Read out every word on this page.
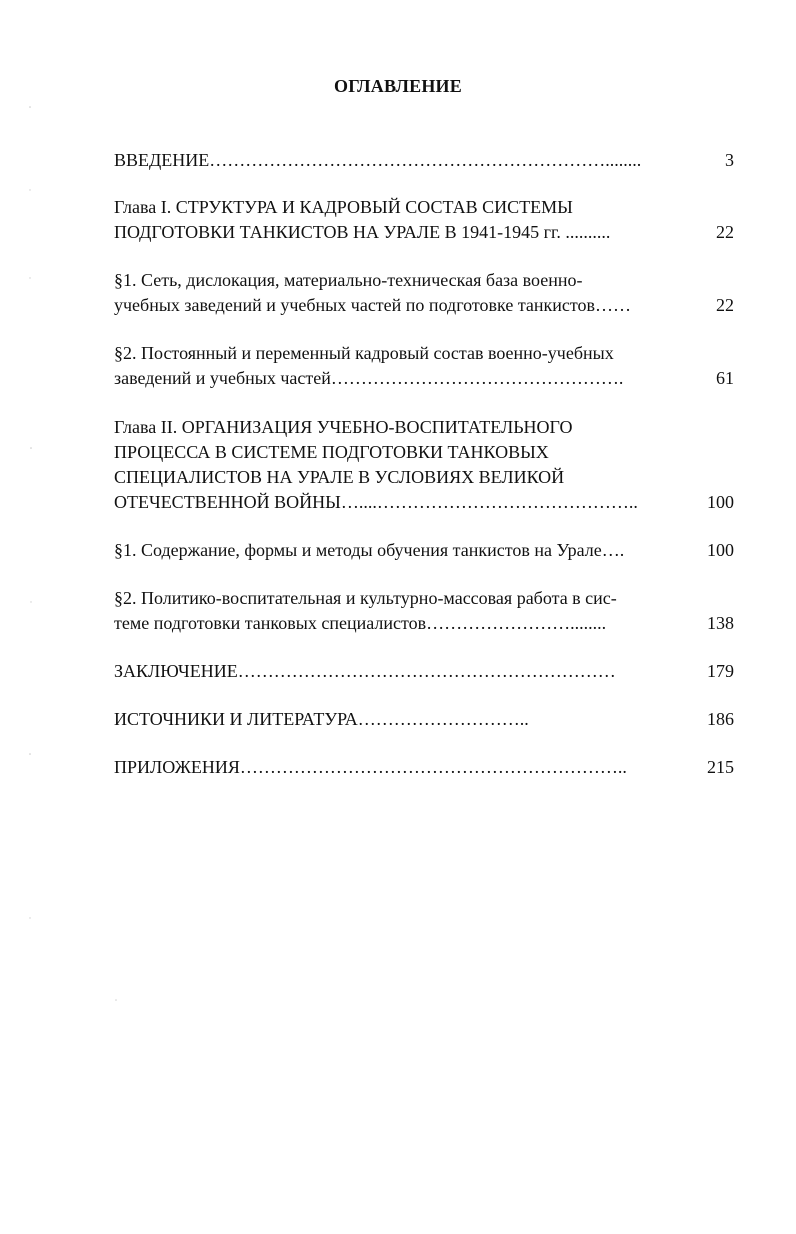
ОГЛАВЛЕНИЕ
ВВЕДЕНИЕ…………………………………………………………........	3
Глава I. СТРУКТУРА И КАДРОВЫЙ СОСТАВ СИСТЕМЫ
ПОДГОТОВКИ ТАНКИСТОВ НА УРАЛЕ В 1941-1945 гг. ..........	22
§1. Сеть, дислокация, материально-техническая база военно-
учебных заведений и учебных частей по подготовке танкистов……	22
§2. Постоянный и переменный кадровый состав военно-учебных
заведений и учебных частей………………………………………….	61
Глава II. ОРГАНИЗАЦИЯ УЧЕБНО-ВОСПИТАТЕЛЬНОГО
ПРОЦЕССА В СИСТЕМЕ ПОДГОТОВКИ ТАНКОВЫХ
СПЕЦИАЛИСТОВ НА УРАЛЕ В УСЛОВИЯХ ВЕЛИКОЙ
ОТЕЧЕСТВЕННОЙ ВОЙНЫ…....……………………………………..	100
§1. Содержание, формы и методы обучения танкистов на Урале….	100
§2. Политико-воспитательная и культурно-массовая работа в сис-
теме подготовки танковых специалистов……………………........	138
ЗАКЛЮЧЕНИЕ………………………………………………………	179
ИСТОЧНИКИ И ЛИТЕРАТУРА………………………..	186
ПРИЛОЖЕНИЯ………………………………………………………..	215
